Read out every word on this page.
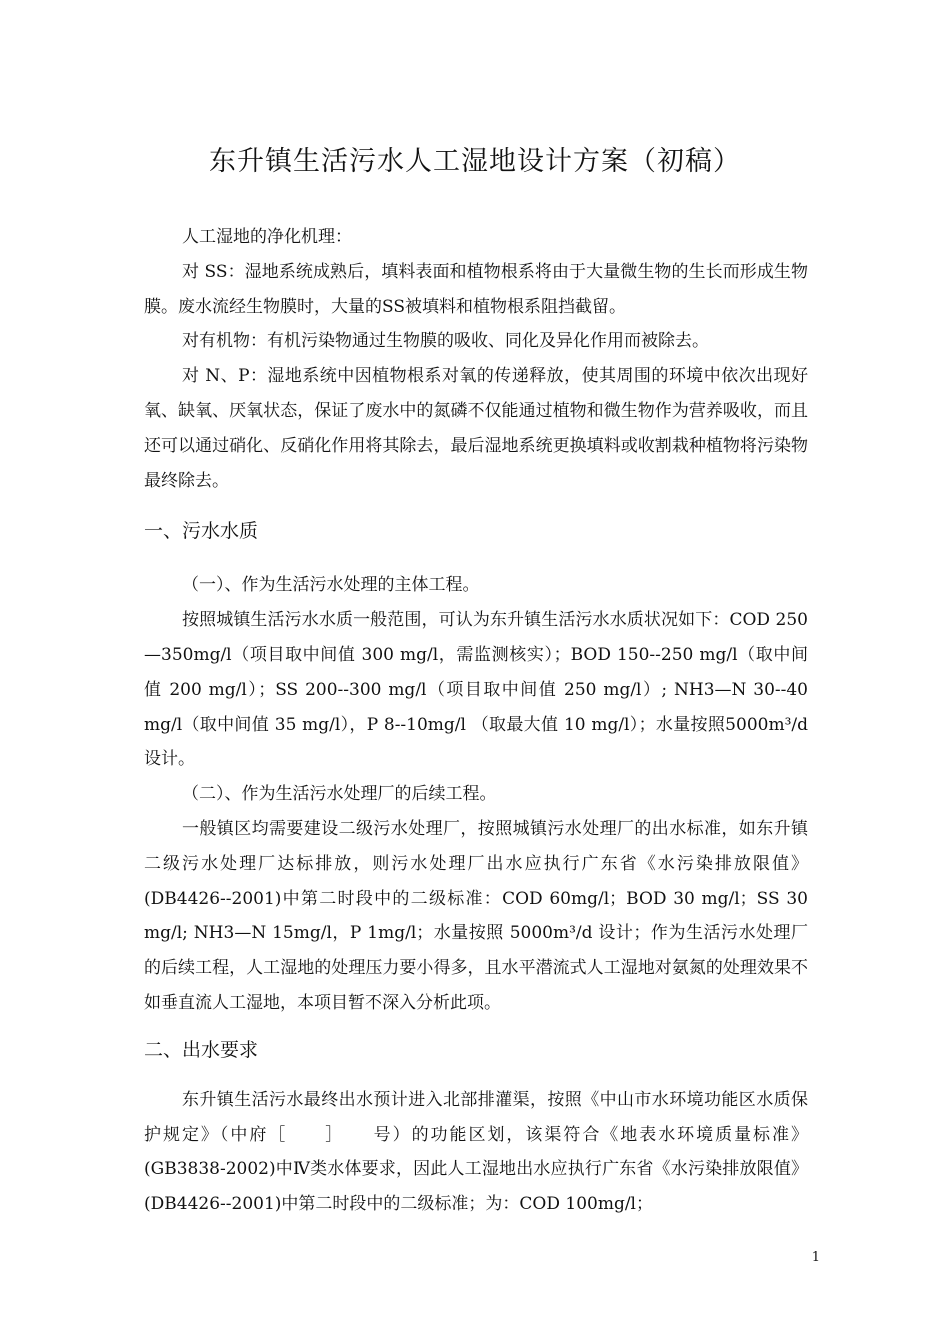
东升镇生活污水人工湿地设计方案（初稿）

人工湿地的净化机理：

对 SS：湿地系统成熟后，填料表面和植物根系将由于大量微生物的生长而形成生物膜。废水流经生物膜时，大量的SS被填料和植物根系阻挡截留。

对有机物：有机污染物通过生物膜的吸收、同化及异化作用而被除去。

对 N、P：湿地系统中因植物根系对氧的传递释放，使其周围的环境中依次出现好氧、缺氧、厌氧状态，保证了废水中的氮磷不仅能通过植物和微生物作为营养吸收，而且还可以通过硝化、反硝化作用将其除去，最后湿地系统更换填料或收割栽种植物将污染物最终除去。

一、污水水质

（一）、作为生活污水处理的主体工程。

按照城镇生活污水水质一般范围，可认为东升镇生活污水水质状况如下：COD 250—350mg/l（项目取中间值 300 mg/l，需监测核实）；BOD 150--250 mg/l（取中间值 200 mg/l）；SS 200--300 mg/l（项目取中间值 250 mg/l）; NH3—N 30--40 mg/l（取中间值 35 mg/l），P 8--10mg/l （取最大值 10 mg/l）；水量按照5000m³/d 设计。

（二）、作为生活污水处理厂的后续工程。

一般镇区均需要建设二级污水处理厂，按照城镇污水处理厂的出水标准，如东升镇二级污水处理厂达标排放，则污水处理厂出水应执行广东省《水污染排放限值》(DB4426--2001)中第二时段中的二级标准：COD 60mg/l；BOD 30 mg/l；SS 30 mg/l; NH3—N 15mg/l，P 1mg/l；水量按照 5000m³/d 设计；作为生活污水处理厂的后续工程，人工湿地的处理压力要小得多，且水平潜流式人工湿地对氨氮的处理效果不如垂直流人工湿地，本项目暂不深入分析此项。

二、出水要求

东升镇生活污水最终出水预计进入北部排灌渠，按照《中山市水环境功能区水质保护规定》（中府［　　］　　号）的功能区划，该渠符合《地表水环境质量标准》(GB3838-2002)中Ⅳ类水体要求，因此人工湿地出水应执行广东省《水污染排放限值》(DB4426--2001)中第二时段中的二级标准；为：COD 100mg/l；

1
